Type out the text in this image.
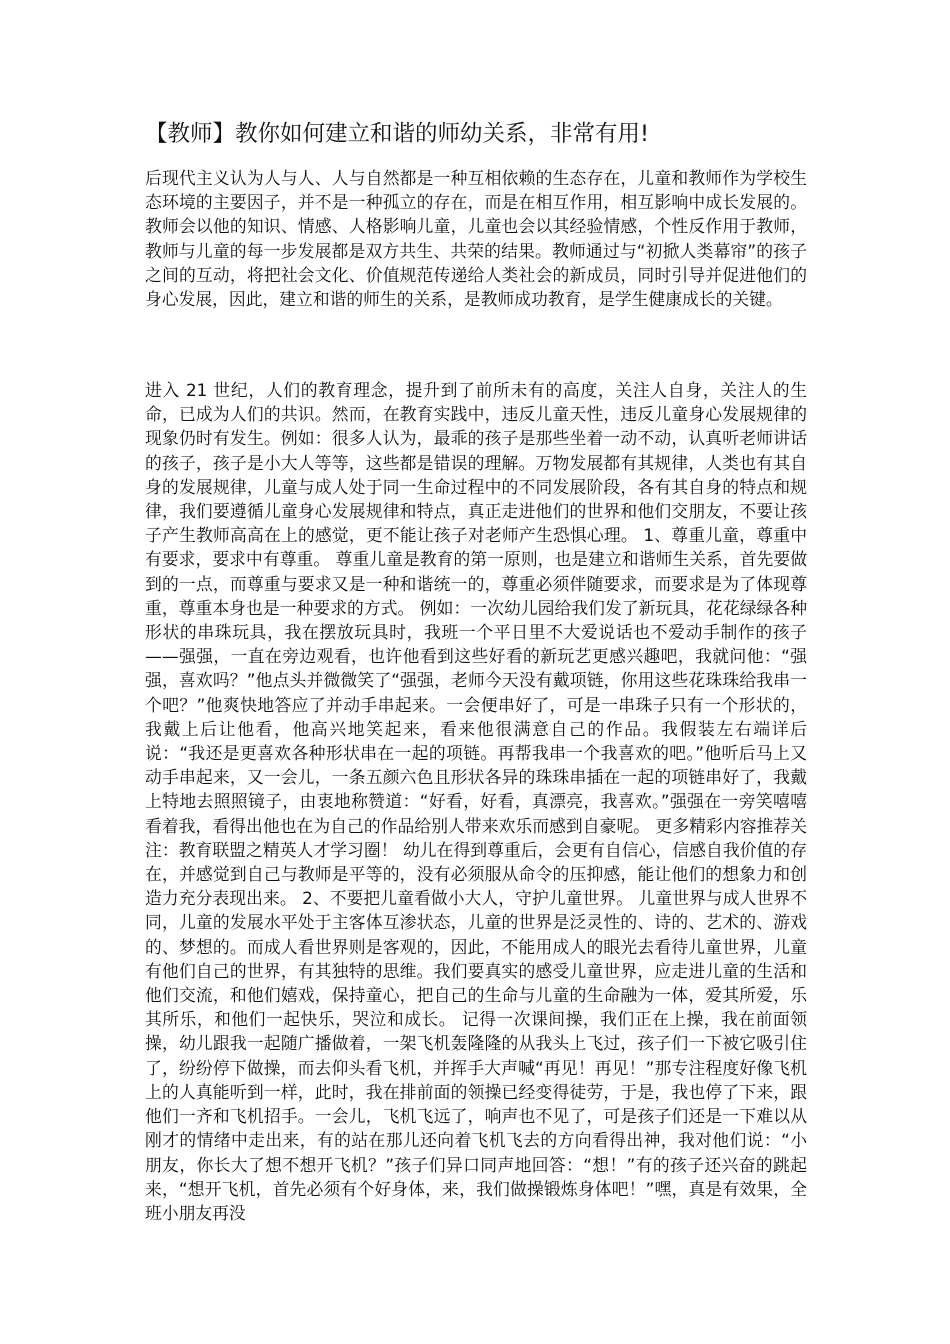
【教师】教你如何建立和谐的师幼关系，非常有用!

后现代主义认为人与人、人与自然都是一种互相依赖的生态存在，儿童和教师作为学校生态环境的主要因子，并不是一种孤立的存在，而是在相互作用，相互影响中成长发展的。教师会以他的知识、情感、人格影响儿童，儿童也会以其经验情感，个性反作用于教师，教师与儿童的每一步发展都是双方共生、共荣的结果。教师通过与“初掀人类幕帘”的孩子之间的互动，将把社会文化、价值规范传递给人类社会的新成员，同时引导并促进他们的身心发展，因此，建立和谐的师生的关系，是教师成功教育，是学生健康成长的关键。

进入 21 世纪，人们的教育理念，提升到了前所未有的高度，关注人自身，关注人的生命，已成为人们的共识。然而，在教育实践中，违反儿童天性，违反儿童身心发展规律的现象仍时有发生。例如：很多人认为，最乖的孩子是那些坐着一动不动，认真听老师讲话的孩子，孩子是小大人等等，这些都是错误的理解。万物发展都有其规律，人类也有其自身的发展规律，儿童与成人处于同一生命过程中的不同发展阶段，各有其自身的特点和规律，我们要遵循儿童身心发展规律和特点，真正走进他们的世界和他们交朋友，不要让孩子产生教师高高在上的感觉，更不能让孩子对老师产生恐惧心理。 1、尊重儿童，尊重中有要求，要求中有尊重。 尊重儿童是教育的第一原则，也是建立和谐师生关系，首先要做到的一点，而尊重与要求又是一种和谐统一的，尊重必须伴随要求，而要求是为了体现尊重，尊重本身也是一种要求的方式。 例如：一次幼儿园给我们发了新玩具，花花绿绿各种形状的串珠玩具，我在摆放玩具时，我班一个平日里不大爱说话也不爱动手制作的孩子——强强，一直在旁边观看，也许他看到这些好看的新玩艺更感兴趣吧，我就问他：“强强，喜欢吗？”他点头并微微笑了“强强，老师今天没有戴项链，你用这些花珠珠给我串一个吧？”他爽快地答应了并动手串起来。一会便串好了，可是一串珠子只有一个形状的，我戴上后让他看，他高兴地笑起来，看来他很满意自己的作品。我假装左右端详后说：“我还是更喜欢各种形状串在一起的项链。再帮我串一个我喜欢的吧。”他听后马上又动手串起来，又一会儿，一条五颜六色且形状各异的珠珠串插在一起的项链串好了，我戴上特地去照照镜子，由衷地称赞道：“好看，好看，真漂亮，我喜欢。”强强在一旁笑嘻嘻看着我，看得出他也在为自己的作品给别人带来欢乐而感到自豪呢。 更多精彩内容推荐关注：教育联盟之精英人才学习圈！ 幼儿在得到尊重后，会更有自信心，信感自我价值的存在，并感觉到自己与教师是平等的，没有必须服从命令的压抑感，能让他们的想象力和创造力充分表现出来。 2、不要把儿童看做小大人，守护儿童世界。 儿童世界与成人世界不同，儿童的发展水平处于主客体互渗状态，儿童的世界是泛灵性的、诗的、艺术的、游戏的、梦想的。而成人看世界则是客观的，因此，不能用成人的眼光去看待儿童世界，儿童有他们自己的世界，有其独特的思维。我们要真实的感受儿童世界，应走进儿童的生活和他们交流，和他们嬉戏，保持童心，把自己的生命与儿童的生命融为一体，爱其所爱，乐其所乐，和他们一起快乐，哭泣和成长。 记得一次课间操，我们正在上操，我在前面领操，幼儿跟我一起随广播做着，一架飞机轰隆隆的从我头上飞过，孩子们一下被它吸引住了，纷纷停下做操，而去仰头看飞机，并挥手大声喊“再见！再见！”那专注程度好像飞机上的人真能听到一样，此时，我在排前面的领操已经变得徒劳，于是，我也停了下来，跟他们一齐和飞机招手。一会儿，飞机飞远了，响声也不见了，可是孩子们还是一下难以从刚才的情绪中走出来，有的站在那儿还向着飞机飞去的方向看得出神，我对他们说：“小朋友，你长大了想不想开飞机？”孩子们异口同声地回答：“想！”有的孩子还兴奋的跳起来，“想开飞机，首先必须有个好身体，来，我们做操锻炼身体吧！”嘿，真是有效果，全班小朋友再没
